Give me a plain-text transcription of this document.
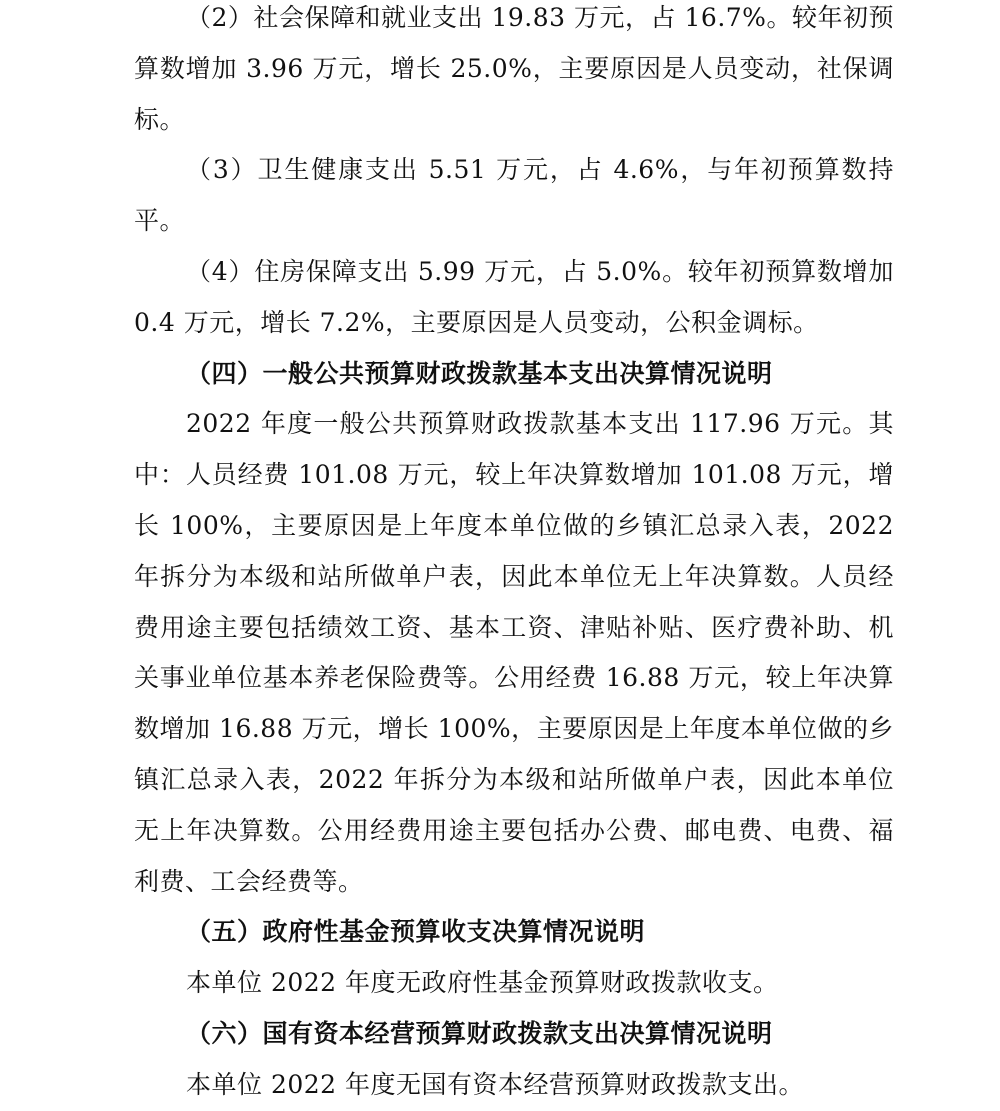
（2）社会保障和就业支出 19.83 万元，占 16.7%。较年初预算数增加 3.96 万元，增长 25.0%，主要原因是人员变动，社保调标。

（3）卫生健康支出 5.51 万元，占 4.6%，与年初预算数持平。

（4）住房保障支出 5.99 万元，占 5.0%。较年初预算数增加 0.4 万元，增长 7.2%，主要原因是人员变动，公积金调标。

（四）一般公共预算财政拨款基本支出决算情况说明

2022 年度一般公共预算财政拨款基本支出 117.96 万元。其中：人员经费 101.08 万元，较上年决算数增加 101.08 万元，增长 100%，主要原因是上年度本单位做的乡镇汇总录入表，2022 年拆分为本级和站所做单户表，因此本单位无上年决算数。人员经费用途主要包括绩效工资、基本工资、津贴补贴、医疗费补助、机关事业单位基本养老保险费等。公用经费 16.88 万元，较上年决算数增加 16.88 万元，增长 100%，主要原因是上年度本单位做的乡镇汇总录入表，2022 年拆分为本级和站所做单户表，因此本单位无上年决算数。公用经费用途主要包括办公费、邮电费、电费、福利费、工会经费等。

（五）政府性基金预算收支决算情况说明

本单位 2022 年度无政府性基金预算财政拨款收支。

（六）国有资本经营预算财政拨款支出决算情况说明

本单位 2022 年度无国有资本经营预算财政拨款支出。
